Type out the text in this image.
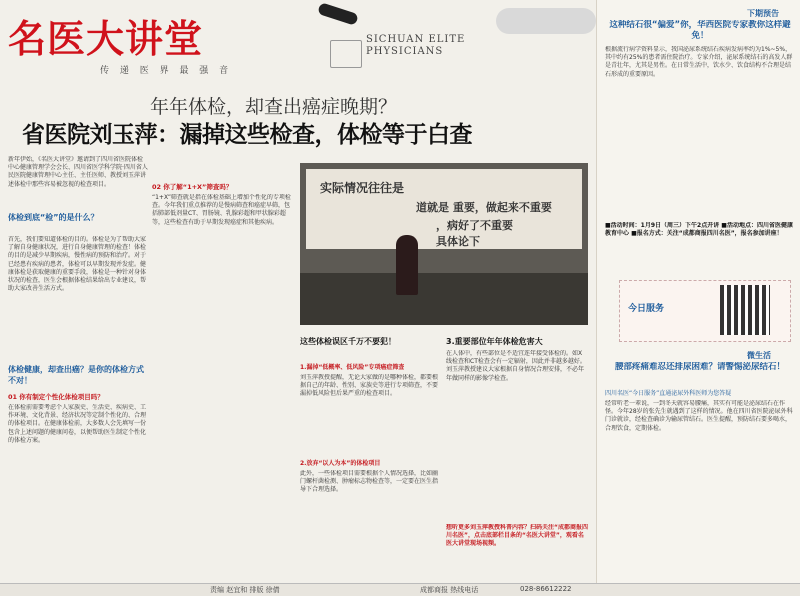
名医大讲堂
传 递 医 界 最 强 音
SICHUAN ELITE PHYSICIANS
年年体检，却查出癌症晚期？
省医院刘玉萍：漏掉这些检查，体检等于白查
新年伊始，《名医大讲堂》邀请到了四川省医院体检中心健康管理学会会长、四川省医学科学院·四川省人民医院健康管理中心主任、主任医师、教授刘玉萍讲述体检中那些容易被忽视的检查项目。
体检到底“检”的是什么？
首先，我们要知道体检的目的。体检是为了帮助大家了解自身健康状况，进行自身健康管理的检查！体检的目的是减少早期疾病，慢性病的预防和治疗。对于已经患有疾病的患者，体检可以早期发现并发症。健康体检是获取健康的重要手段，体检是一种针对身体状况的检查，医生会根据体检结果给出专业建议，帮助大家改善生活方式。
体检健康，却查出癌？是你的体检方式不对！
01 你有制定个性化体检项目吗？
在体检前需要考虑个人家族史、生活史、疾病史、工作环境、文化背景、经济状况等定制个性化的、合理的体检项目。在健康体检前，大多数人会先填写一份包含上述问题的健康问卷，以便帮助医生制定个性化的体检方案。
02 你了解“1+X”筛查吗？
“1+X”筛查就是指在体检基础上增加个性化的专项检查。今年我们重点推荐的是慢病筛查和癌症早筛，包括肺部低剂量CT、胃肠镜、乳腺彩超和甲状腺彩超等，这些检查有助于早期发现癌症和其他疾病。
实际情况往往是
道就是 重要，做起来不重要
，病好了不重要
具体论下
这些体检误区千万不要犯！
1.漏掉“低概率、低风险”专项癌症筛查
刘玉萍教授提醒，无论大家做的是哪种体检，都要根据自己的年龄、性别、家族史等进行专项筛查，不要漏掉低风险但后果严重的检查项目。
2.放弃“以人为本”的体检项目
此外，一些体检项目需要根据个人情况选择，比如幽门螺杆菌检测、肿瘤标志物检查等，一定要在医生指导下合理选择。
3.重要部位年年体检危害大
在人体中，有些部位是不适宜连年接受体检的。如X线检查和CT检查会有一定辐射，因此并非越多越好。刘玉萍教授建议大家根据自身情况合理安排，不必年年做同样的影像学检查。
想听更多刘玉萍教授科普内容？扫码关注“成都商报四川名医”，点击底部栏目条的“名医大讲堂”，观看名医大讲堂现场视频。
下期预告
这种结石很“偏爱”你，华西医院专家教你这样避免！
根据流行病学资料显示，我国泌尿系统结石疾病发病率约为1%~5%，其中约有25%的患者需住院治疗。专家介绍，泌尿系统结石的高发人群是青壮年，尤其是男性。在日常生活中，饮水少、饮食结构不合理是结石形成的重要原因。
■活动时间：1月9日（周三）下午2点开讲 ■活动地点：四川省医健康教育中心 ■报名方式：关注“成都商报四川名医”，报名参加讲座！
今日服务
微生活
腰部疼痛难忍还排尿困难？请警惕泌尿结石！
四川名医“今日服务”直通泌尿外科医师为您答疑
经常听老一辈说，一到冬天就容易腰痛，其实有可能是泌尿结石在作怪。今年28岁的张先生就遇到了这样的情况。他在四川省医院泌尿外科门诊就诊，经检查确诊为输尿管结石。医生提醒，预防结石要多喝水，合理饮食，定期体检。
责编 赵宜和 排版 徐倩	成都商报 热线电话	028-86612222
